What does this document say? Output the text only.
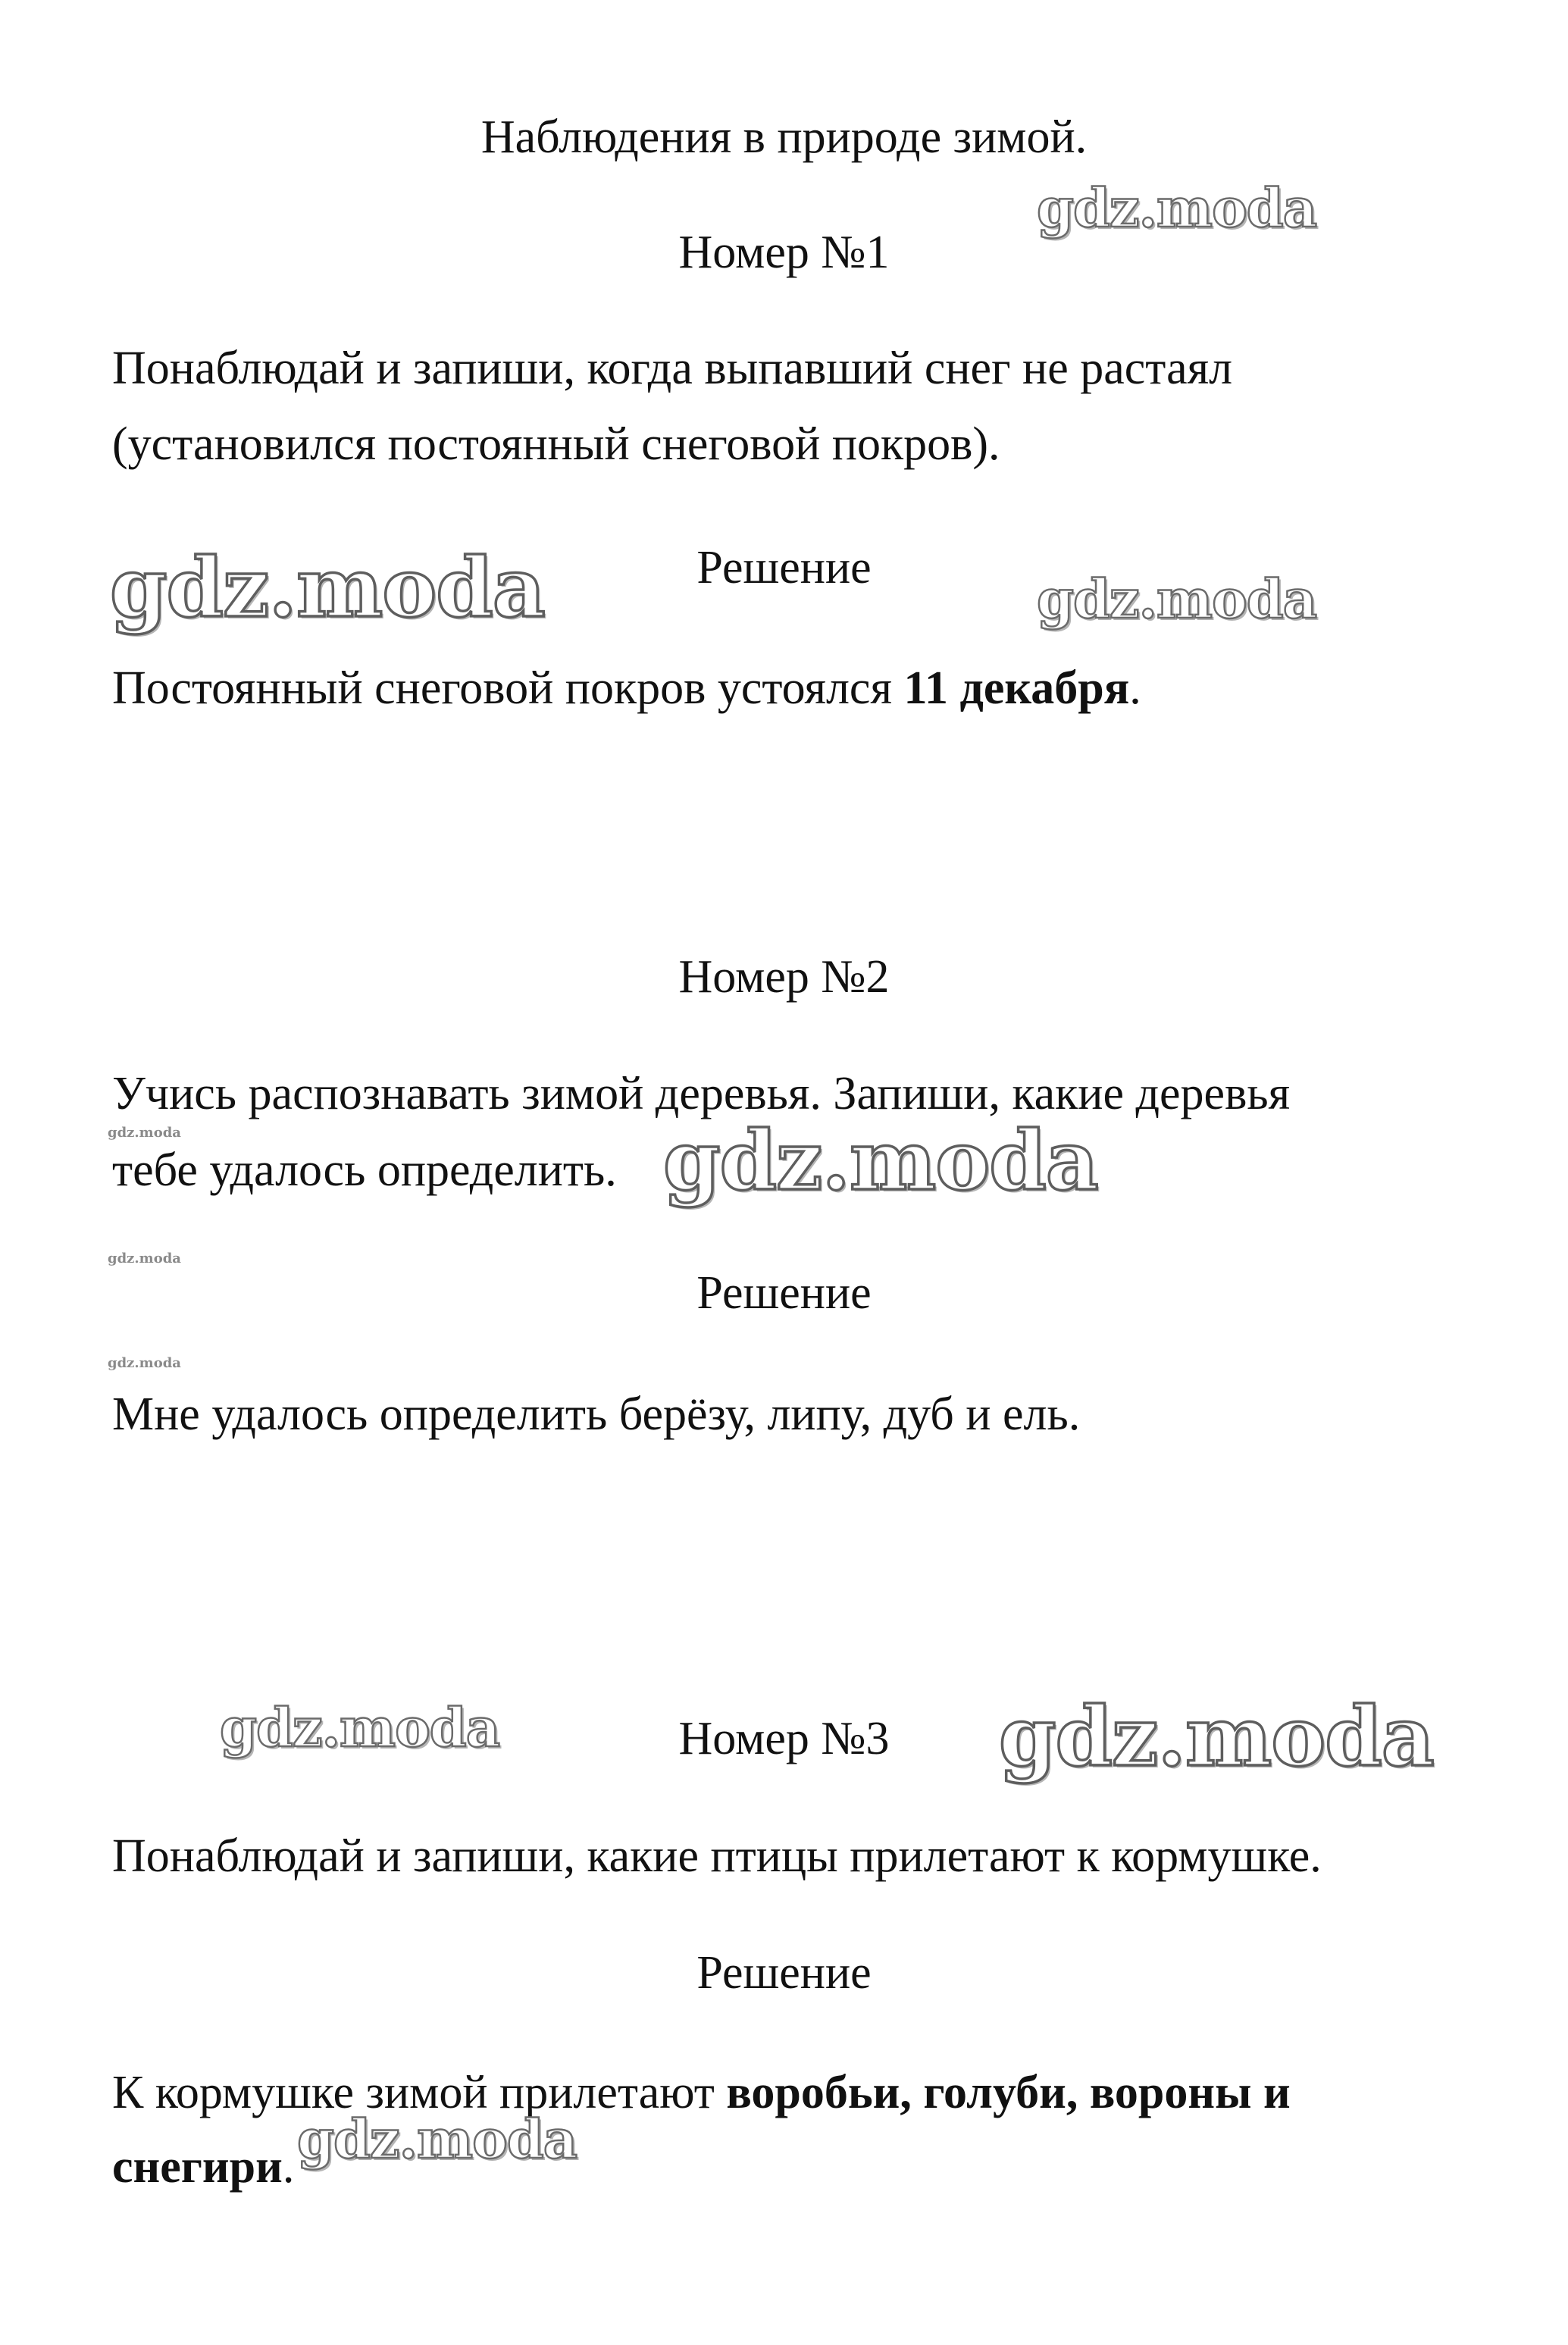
Наблюдения в природе зимой.
Номер №1
Понаблюдай и запиши, когда выпавший снег не растаял
(установился постоянный снеговой покров).
Решение
Постоянный снеговой покров устоялся 11 декабря.
Номер №2
Учись распознавать зимой деревья. Запиши, какие деревья
тебе удалось определить.
Решение
Мне удалось определить берёзу, липу, дуб и ель.
Номер №3
Понаблюдай и запиши, какие птицы прилетают к кормушке.
Решение
К кормушке зимой прилетают воробьи, голуби, вороны и снегири.
gdz.moda
gdz.moda	gdz.moda
gdz.moda	gdz.moda
gdz.moda
gdz.moda
gdz.moda	gdz.moda
gdz.moda
